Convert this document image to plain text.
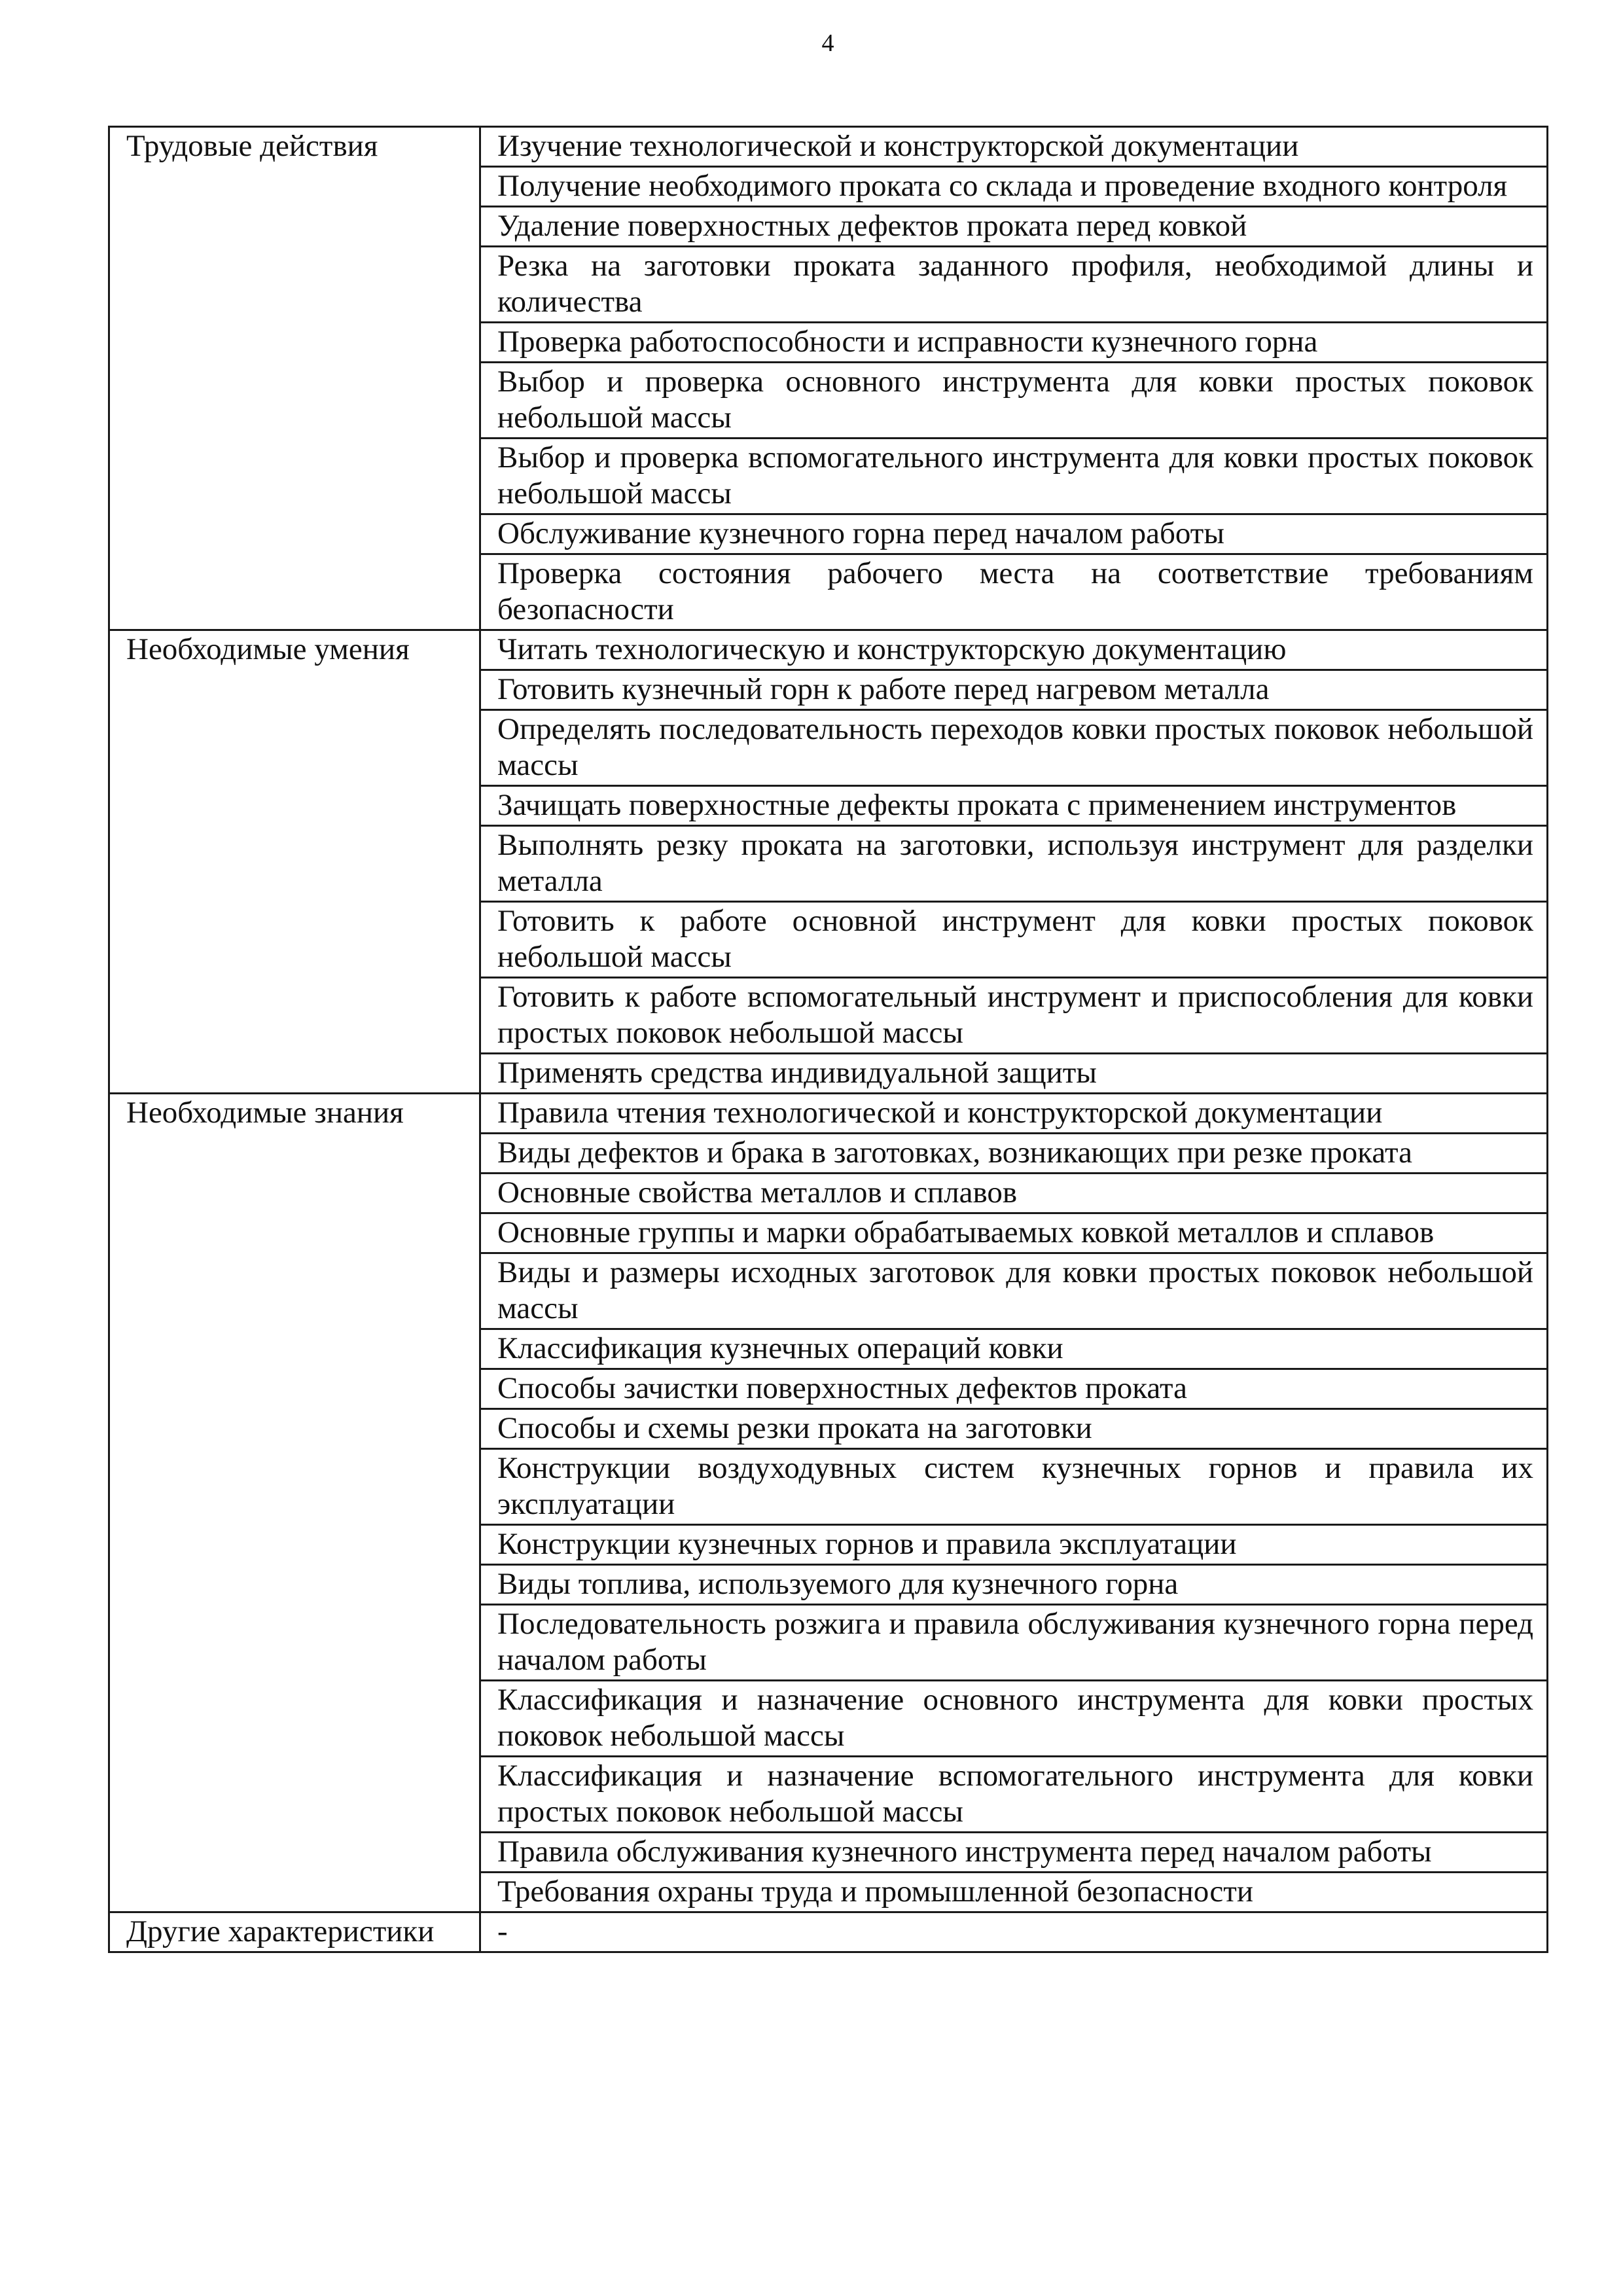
4
Трудовые действия	Изучение технологической и конструкторской документации
	Получение необходимого проката со склада и проведение входного контроля
	Удаление поверхностных дефектов проката перед ковкой
	Резка на заготовки проката заданного профиля, необходимой длины и количества
	Проверка работоспособности и исправности кузнечного горна
	Выбор и проверка основного инструмента для ковки простых поковок небольшой массы
	Выбор и проверка вспомогательного инструмента для ковки простых поковок небольшой массы
	Обслуживание кузнечного горна перед началом работы
	Проверка состояния рабочего места на соответствие требованиям безопасности
Необходимые умения	Читать технологическую и конструкторскую документацию
	Готовить кузнечный горн к работе перед нагревом металла
	Определять последовательность переходов ковки простых поковок небольшой массы
	Зачищать поверхностные дефекты проката с применением инструментов
	Выполнять резку проката на заготовки, используя инструмент для разделки металла
	Готовить к работе основной инструмент для ковки простых поковок небольшой массы
	Готовить к работе вспомогательный инструмент и приспособления для ковки простых поковок небольшой массы
	Применять средства индивидуальной защиты
Необходимые знания	Правила чтения технологической и конструкторской документации
	Виды дефектов и брака в заготовках, возникающих при резке проката
	Основные свойства металлов и сплавов
	Основные группы и марки обрабатываемых ковкой металлов и сплавов
	Виды и размеры исходных заготовок для ковки простых поковок небольшой массы
	Классификация кузнечных операций ковки
	Способы зачистки поверхностных дефектов проката
	Способы и схемы резки проката на заготовки
	Конструкции воздуходувных систем кузнечных горнов и правила их эксплуатации
	Конструкции кузнечных горнов и правила эксплуатации
	Виды топлива, используемого для кузнечного горна
	Последовательность розжига и правила обслуживания кузнечного горна перед началом работы
	Классификация и назначение основного инструмента для ковки простых поковок небольшой массы
	Классификация и назначение вспомогательного инструмента для ковки простых поковок небольшой массы
	Правила обслуживания кузнечного инструмента перед началом работы
	Требования охраны труда и промышленной безопасности
Другие характеристики	-
